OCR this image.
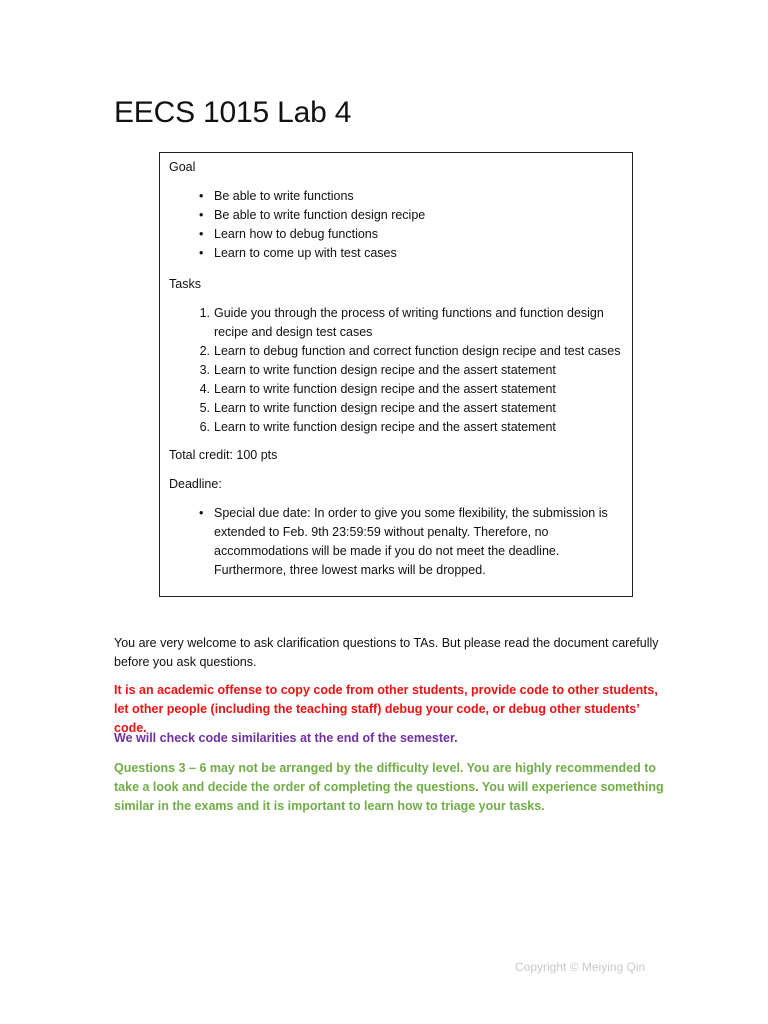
EECS 1015 Lab 4

Goal

• Be able to write functions
• Be able to write function design recipe
• Learn how to debug functions
• Learn to come up with test cases

Tasks

1. Guide you through the process of writing functions and function design recipe and design test cases
2. Learn to debug function and correct function design recipe and test cases
3. Learn to write function design recipe and the assert statement
4. Learn to write function design recipe and the assert statement
5. Learn to write function design recipe and the assert statement
6. Learn to write function design recipe and the assert statement

Total credit: 100 pts

Deadline:

• Special due date: In order to give you some flexibility, the submission is extended to Feb. 9th 23:59:59 without penalty. Therefore, no accommodations will be made if you do not meet the deadline. Furthermore, three lowest marks will be dropped.
You are very welcome to ask clarification questions to TAs. But please read the document carefully before you ask questions.
It is an academic offense to copy code from other students, provide code to other students, let other people (including the teaching staff) debug your code, or debug other students’ code.
We will check code similarities at the end of the semester.
Questions 3 – 6 may not be arranged by the difficulty level. You are highly recommended to take a look and decide the order of completing the questions. You will experience something similar in the exams and it is important to learn how to triage your tasks.
Copyright © Meiying Qin
